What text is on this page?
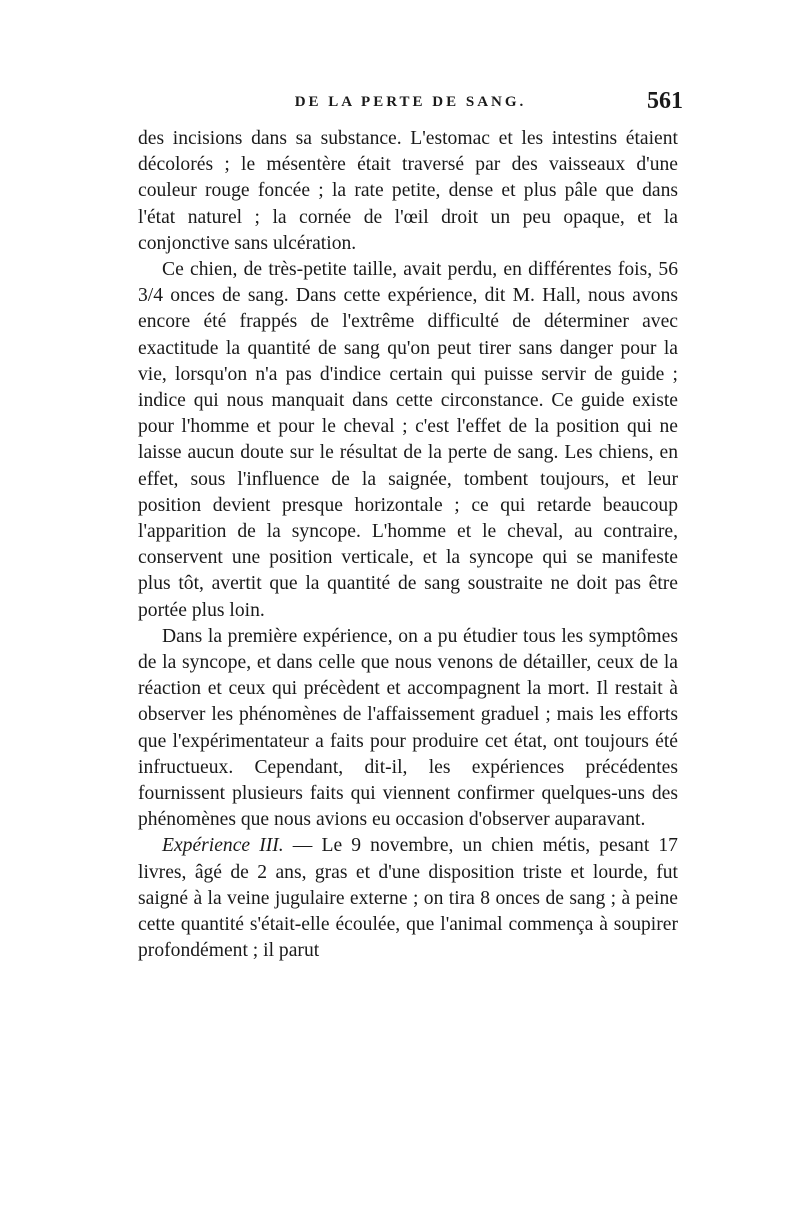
DE LA PERTE DE SANG.	561

des incisions dans sa substance. L'estomac et les intestins étaient décolorés ; le mésentère était traversé par des vaisseaux d'une couleur rouge foncée ; la rate petite, dense et plus pâle que dans l'état naturel ; la cornée de l'œil droit un peu opaque, et la conjonctive sans ulcération.

Ce chien, de très-petite taille, avait perdu, en différentes fois, 56 3/4 onces de sang. Dans cette expérience, dit M. Hall, nous avons encore été frappés de l'extrême difficulté de déterminer avec exactitude la quantité de sang qu'on peut tirer sans danger pour la vie, lorsqu'on n'a pas d'indice certain qui puisse servir de guide ; indice qui nous manquait dans cette circonstance. Ce guide existe pour l'homme et pour le cheval ; c'est l'effet de la position qui ne laisse aucun doute sur le résultat de la perte de sang. Les chiens, en effet, sous l'influence de la saignée, tombent toujours, et leur position devient presque horizontale ; ce qui retarde beaucoup l'apparition de la syncope. L'homme et le cheval, au contraire, conservent une position verticale, et la syncope qui se manifeste plus tôt, avertit que la quantité de sang soustraite ne doit pas être portée plus loin.

Dans la première expérience, on a pu étudier tous les symptômes de la syncope, et dans celle que nous venons de détailler, ceux de la réaction et ceux qui précèdent et accompagnent la mort. Il restait à observer les phénomènes de l'affaissement graduel ; mais les efforts que l'expérimentateur a faits pour produire cet état, ont toujours été infructueux. Cependant, dit-il, les expériences précédentes fournissent plusieurs faits qui viennent confirmer quelques-uns des phénomènes que nous avions eu occasion d'observer auparavant.

Expérience III. — Le 9 novembre, un chien métis, pesant 17 livres, âgé de 2 ans, gras et d'une disposition triste et lourde, fut saigné à la veine jugulaire externe ; on tira 8 onces de sang ; à peine cette quantité s'était-elle écoulée, que l'animal commença à soupirer profondément ; il parut
